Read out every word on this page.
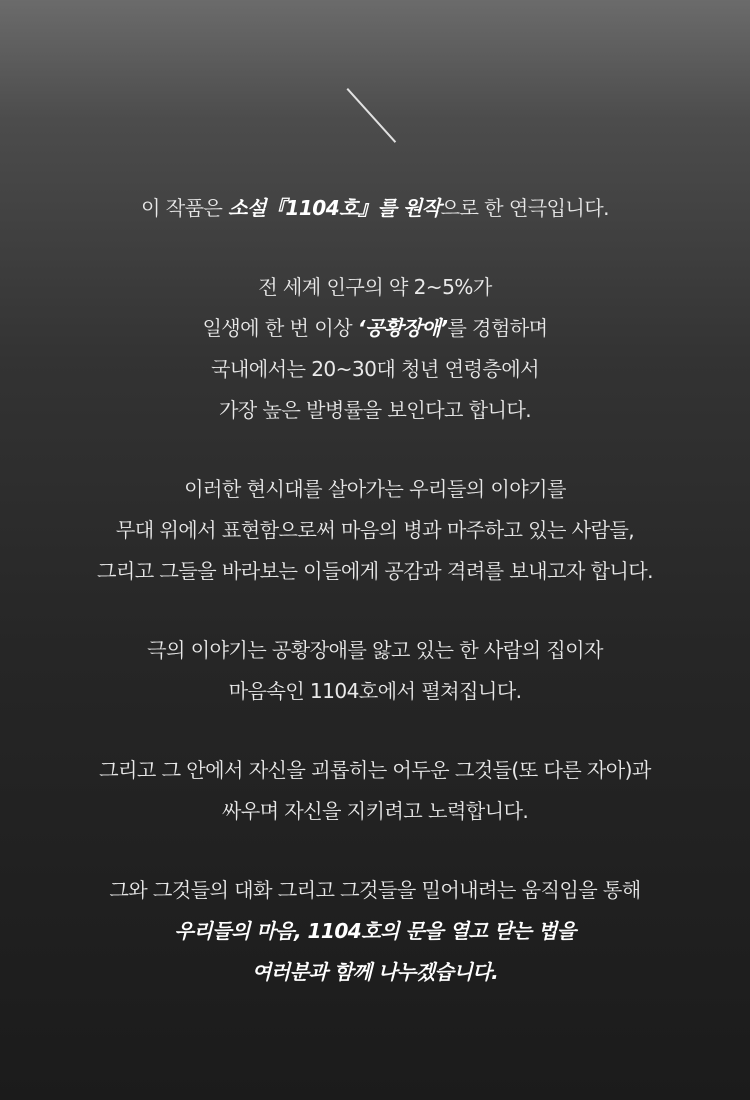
이 작품은 소설『1104호』를 원작으로 한 연극입니다.
전 세계 인구의 약 2~5%가
일생에 한 번 이상 ‘공황장애’를 경험하며
국내에서는 20~30대 청년 연령층에서
가장 높은 발병률을 보인다고 합니다.
이러한 현시대를 살아가는 우리들의 이야기를
무대 위에서 표현함으로써 마음의 병과 마주하고 있는 사람들,
그리고 그들을 바라보는 이들에게 공감과 격려를 보내고자 합니다.
극의 이야기는 공황장애를 앓고 있는 한 사람의 집이자
마음속인 1104호에서 펼쳐집니다.
그리고 그 안에서 자신을 괴롭히는 어두운 그것들(또 다른 자아)과
싸우며 자신을 지키려고 노력합니다.
그와 그것들의 대화 그리고 그것들을 밀어내려는 움직임을 통해
우리들의 마음, 1104호의 문을 열고 닫는 법을
여러분과 함께 나누겠습니다.
